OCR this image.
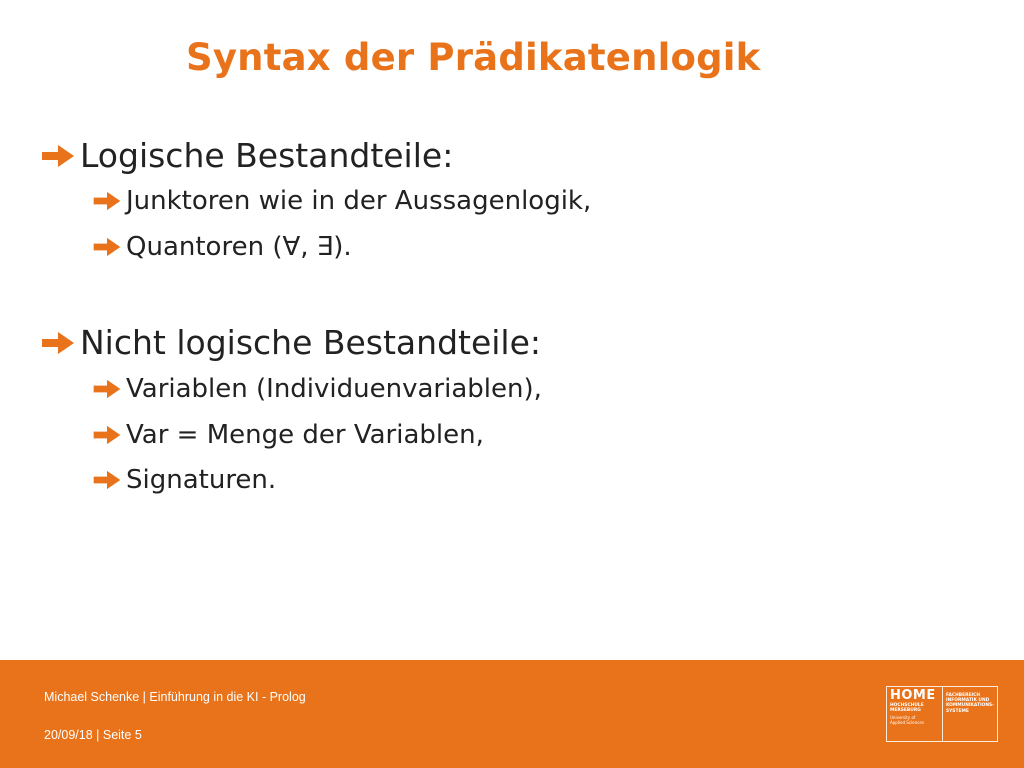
Syntax der Prädikatenlogik
Logische Bestandteile:
Junktoren wie in der Aussagenlogik,
Quantoren (∀, ∃).
Nicht logische Bestandteile:
Variablen (Individuenvariablen),
Var = Menge der Variablen,
Signaturen.
Michael Schenke | Einführung in die KI - Prolog
20/09/18 | Seite 5
HOME
HOCHSCHULE
MERSEBURG
University of
Applied Sciences
FACHBEREICH
INFORMATIK UND
KOMMUNIKATIONS-
SYSTEME
